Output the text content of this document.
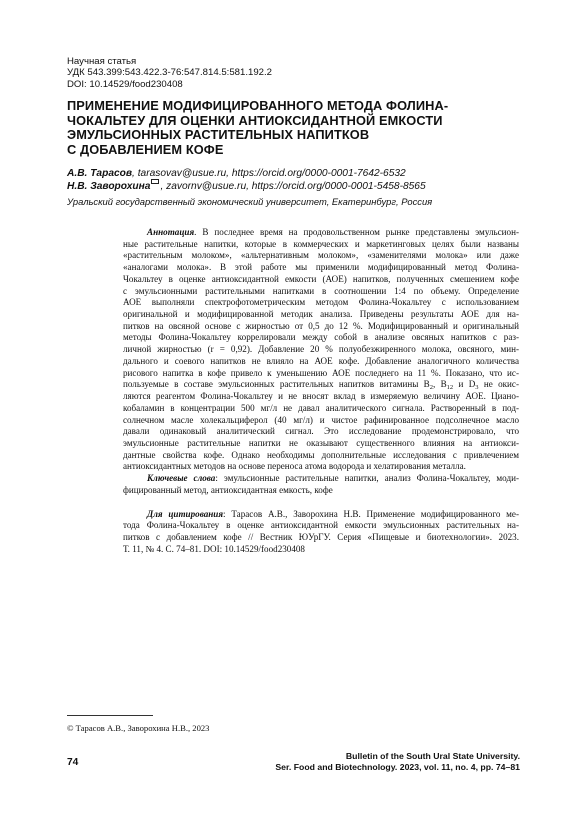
Научная статья
УДК 543.399:543.422.3-76:547.814.5:581.192.2
DOI: 10.14529/food230408
ПРИМЕНЕНИЕ МОДИФИЦИРОВАННОГО МЕТОДА ФОЛИНА-
ЧОКАЛЬТЕУ ДЛЯ ОЦЕНКИ АНТИОКСИДАНТНОЙ ЕМКОСТИ
ЭМУЛЬСИОННЫХ РАСТИТЕЛЬНЫХ НАПИТКОВ
С ДОБАВЛЕНИЕМ КОФЕ
А.В. Тарасов, tarasovav@usue.ru, https://orcid.org/0000-0001-7642-6532
Н.В. Заворохина , zavornv@usue.ru, https://orcid.org/0000-0001-5458-8565
Уральский государственный экономический университет, Екатеринбург, Россия
Аннотация. В последнее время на продовольственном рынке представлены эмульсион-
ные растительные напитки, которые в коммерческих и маркетинговых целях были названы
«растительным молоком», «альтернативным молоком», «заменителями молока» или даже
«аналогами молока». В этой работе мы применили модифицированный метод Фолина-
Чокальтеу в оценке антиоксидантной емкости (АОЕ) напитков, полученных смешением кофе
с эмульсионными растительными напитками в соотношении 1:4 по объему. Определение
АОЕ выполняли спектрофотометрическим методом Фолина-Чокальтеу с использованием
оригинальной и модифицированной методик анализа. Приведены результаты АОЕ для на-
питков на овсяной основе с жирностью от 0,5 до 12 %. Модифицированный и оригинальный
методы Фолина-Чокальтеу коррелировали между собой в анализе овсяных напитков с раз-
личной жирностью (r = 0,92). Добавление 20 % полуобезжиренного молока, овсяного, мин-
дального и соевого напитков не влияло на АОЕ кофе. Добавление аналогичного количества
рисового напитка в кофе привело к уменьшению АОЕ последнего на 11 %. Показано, что ис-
пользуемые в составе эмульсионных растительных напитков витамины $B_2$, $B_{12}$ и $D_3$ не окис-
ляются реагентом Фолина-Чокальтеу и не вносят вклад в измеряемую величину АОЕ. Циано-
кобаламин в концентрации 500 мг/л не давал аналитического сигнала. Растворенный в под-
солнечном масле холекальциферол (40 мг/л) и чистое рафинированное подсолнечное масло
давали одинаковый аналитический сигнал. Это исследование продемонстрировало, что
эмульсионные растительные напитки не оказывают существенного влияния на антиокси-
дантные свойства кофе. Однако необходимы дополнительные исследования с привлечением
антиоксидантных методов на основе переноса атома водорода и хелатирования металла.
Ключевые слова: эмульсионные растительные напитки, анализ Фолина-Чокальтеу, моди-
фицированный метод, антиоксидантная емкость, кофе
Для цитирования: Тарасов А.В., Заворохина Н.В. Применение модифицированного ме-
тода Фолина-Чокальтеу в оценке антиоксидантной емкости эмульсионных растительных на-
питков с добавлением кофе // Вестник ЮУрГУ. Серия «Пищевые и биотехнологии». 2023.
Т. 11, № 4. С. 74–81. DOI: 10.14529/food230408
© Тарасов А.В., Заворохина Н.В., 2023
74
Bulletin of the South Ural State University.
Ser. Food and Biotechnology. 2023, vol. 11, no. 4, pp. 74–81
